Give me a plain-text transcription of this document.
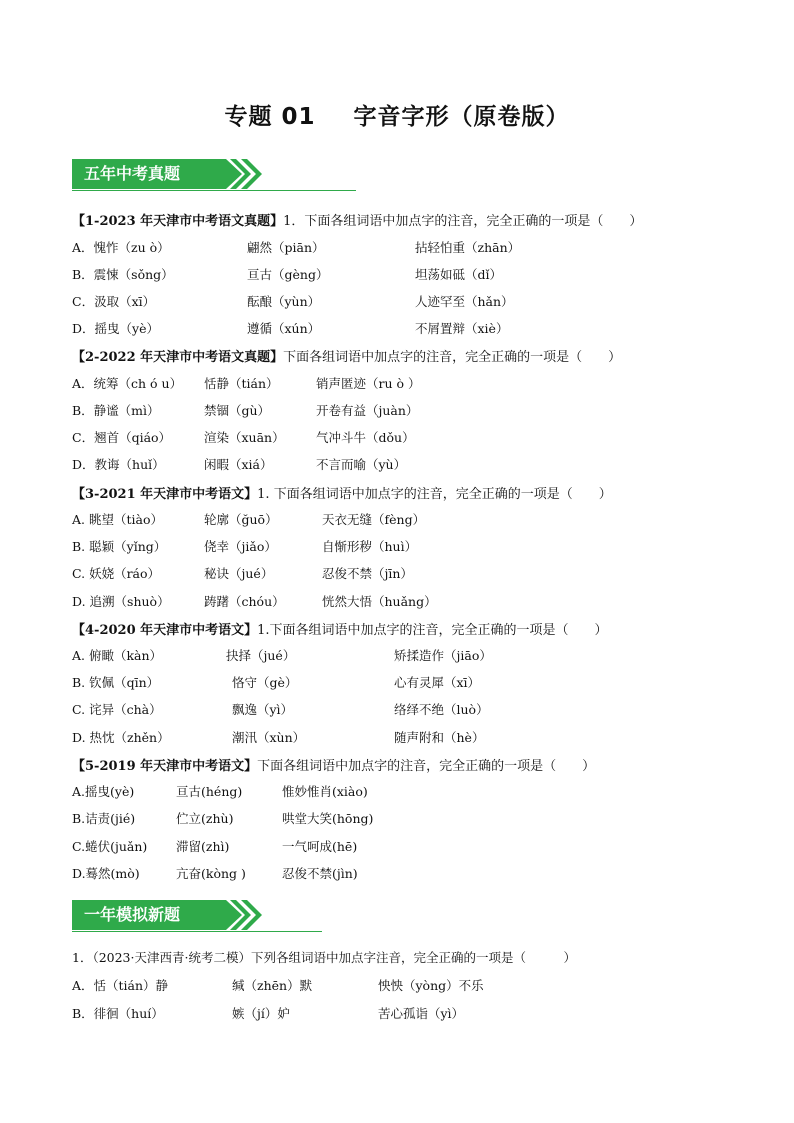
专题 01 字音字形（原卷版）
五年中考真题
【1-2023 年天津市中考语文真题】1．下面各组词语中加点字的注音，完全正确的一项是（　　）
A．愧怍（zu ò）	翩然（piān）	拈轻怕重（zhān）
B．震悚（sǒng）	亘古（gèng）	坦荡如砥（dǐ）
C．汲取（xī）	酝酿（yùn）	人迹罕至（hǎn）
D．摇曳（yè）	遵循（xún）	不屑置辩（xiè）
【2-2022 年天津市中考语文真题】下面各组词语中加点字的注音，完全正确的一项是（　　）
A．统筹（ch ó u） 恬静（tián）	销声匿迹（ru ò ）
B．静谧（mì）	禁锢（gù）	开卷有益（juàn）
C．翘首（qiáo）	渲染（xuān）	气冲斗牛（dǒu）
D．教诲（huǐ）	闲暇（xiá）	不言而喻（yù）
【3-2021 年天津市中考语文】1. 下面各组词语中加点字的注音，完全正确的一项是（　　）
A. 眺望（tiào）	轮廓（ğuō）	天衣无缝（fèng）
B. 聪颖（yǐng）	侥幸（jiǎo）	自惭形秽（huì）
C. 妖娆（ráo）	秘诀（jué）	忍俊不禁（jīn）
D. 追溯（shuò）	踌躇（chóu）	恍然大悟（huǎng）
【4-2020 年天津市中考语文】1.下面各组词语中加点字的注音，完全正确的一项是（　　）
A. 俯瞰（kàn）	抉择（jué）	矫揉造作（jiāo）
B. 钦佩（qīn）	恪守（gè）	心有灵犀（xī）
C. 诧异（chà）	飘逸（yì）	络绎不绝（luò）
D. 热忱（zhěn）	潮汛（xùn）	随声附和（hè）
【5-2019 年天津市中考语文】下面各组词语中加点字的注音，完全正确的一项是（　　）
A.摇曳(yè)	亘古(héng)	惟妙惟肖(xiào)
B.诘责(jié)	伫立(zhù)	哄堂大笑(hōng)
C.蜷伏(juǎn) 滞留(zhì)	一气呵成(hē)
D.蓦然(mò)	亢奋(kòng )	忍俊不禁(jìn)
一年模拟新题
1．（2023·天津西青·统考二模）下列各组词语中加点字注音，完全正确的一项是（　　　）
A．恬（tián）静	缄（zhēn）默	怏怏（yòng）不乐
B．徘徊（huí）	嫉（jí）妒	苦心孤诣（yì）
